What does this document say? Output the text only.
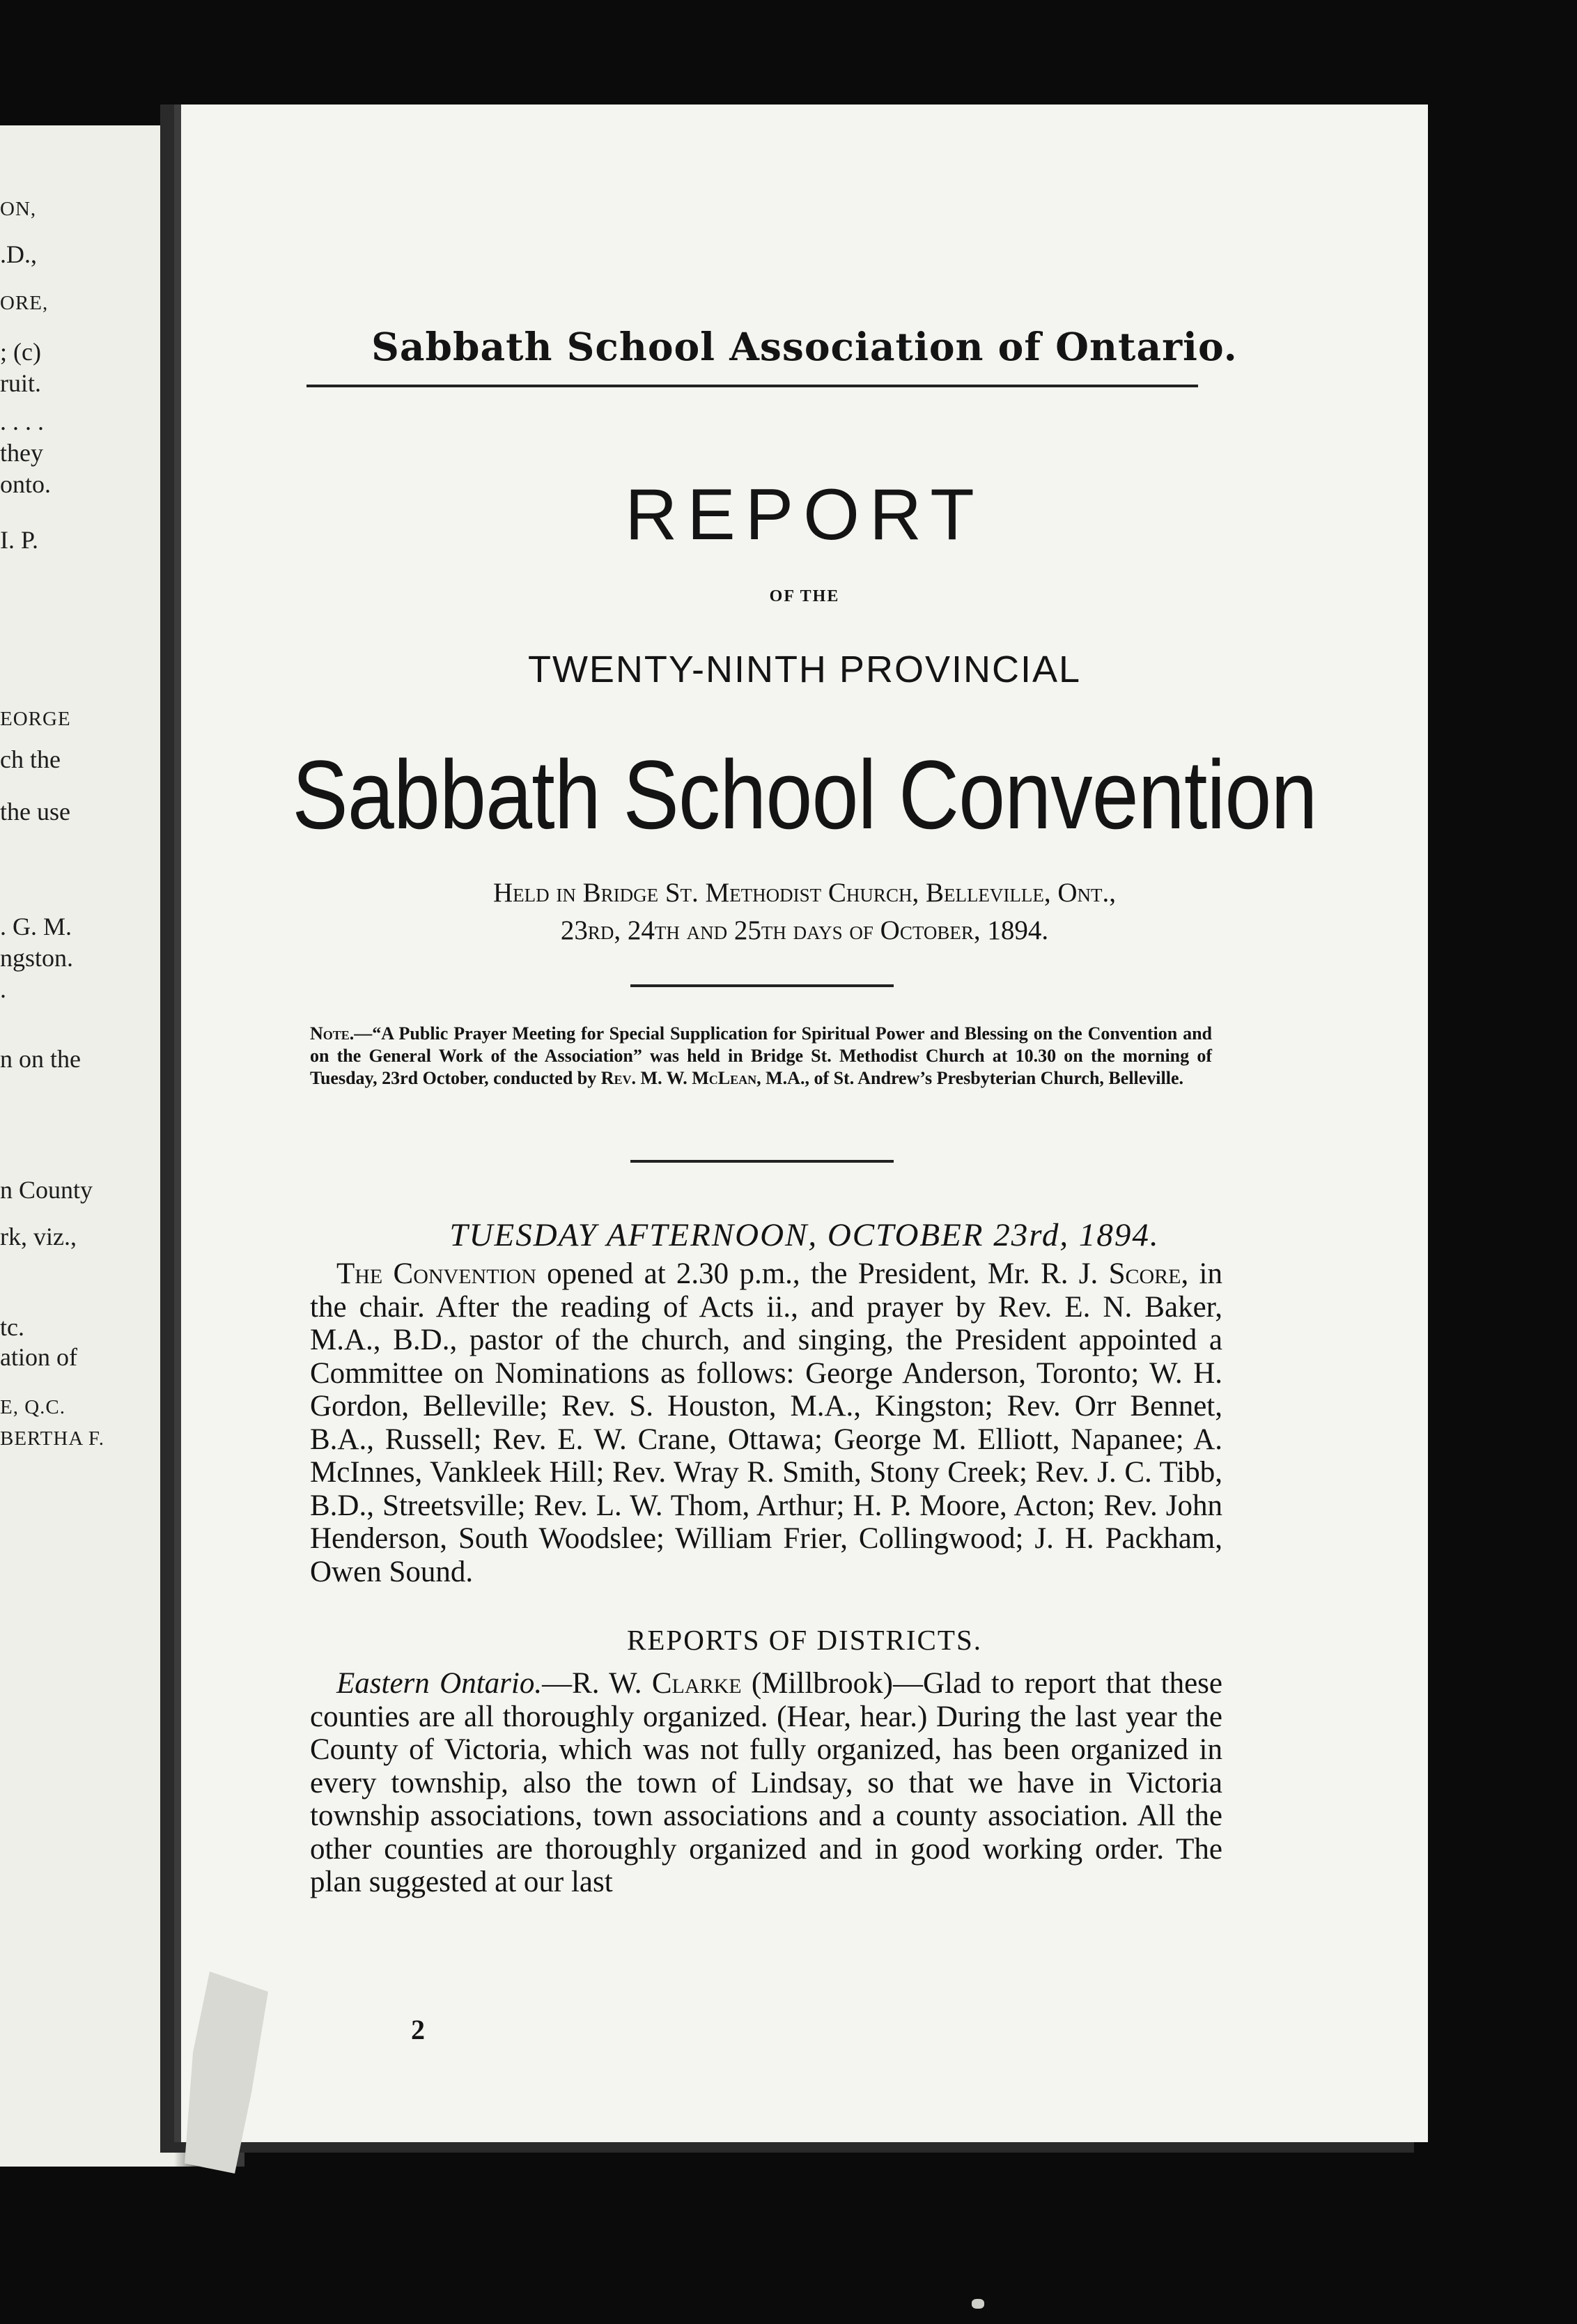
ON,
.D.,
ORE,
; (c)
ruit.
. . . .
they
onto.
I. P.
EORGE
ch the
the use
. G. M.
ngston.
.
n on the
n County
rk, viz.,
tc.
ation of
E, Q.C.
BERTHA F.
Sabbath School Association of Ontario.
REPORT
OF THE
TWENTY-NINTH PROVINCIAL
Sabbath School Convention
Held in Bridge St. Methodist Church, Belleville, Ont.,
23rd, 24th and 25th days of October, 1894.
Note.—“A Public Prayer Meeting for Special Supplication for Spiritual Power and Blessing on the Convention and on the General Work of the Association” was held in Bridge St. Methodist Church at 10.30 on the morning of Tuesday, 23rd October, conducted by Rev. M. W. McLean, M.A., of St. Andrew’s Presbyterian Church, Belleville.
TUESDAY AFTERNOON, OCTOBER 23rd, 1894.
The Convention opened at 2.30 p.m., the President, Mr. R. J. Score, in the chair. After the reading of Acts ii., and prayer by Rev. E. N. Baker, M.A., B.D., pastor of the church, and singing, the President appointed a Committee on Nominations as follows: George Anderson, Toronto; W. H. Gordon, Belleville; Rev. S. Houston, M.A., Kingston; Rev. Orr Bennet, B.A., Russell; Rev. E. W. Crane, Ottawa; George M. Elliott, Napanee; A. McInnes, Vankleek Hill; Rev. Wray R. Smith, Stony Creek; Rev. J. C. Tibb, B.D., Streetsville; Rev. L. W. Thom, Arthur; H. P. Moore, Acton; Rev. John Henderson, South Woodslee; William Frier, Collingwood; J. H. Packham, Owen Sound.
REPORTS OF DISTRICTS.
Eastern Ontario.—R. W. Clarke (Millbrook)—Glad to report that these counties are all thoroughly organized. (Hear, hear.) During the last year the County of Victoria, which was not fully organized, has been organized in every township, also the town of Lindsay, so that we have in Victoria township associations, town associations and a county association. All the other counties are thoroughly organized and in good working order. The plan suggested at our last
2
